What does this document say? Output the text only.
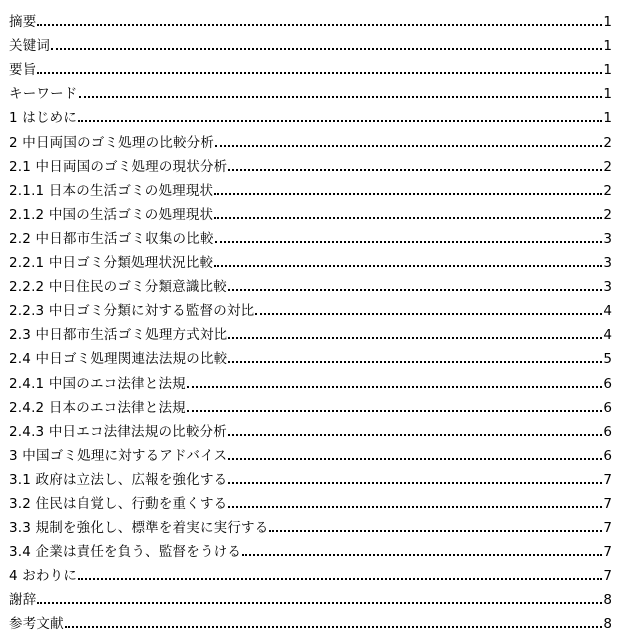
摘要	1
关键词	1
要旨	1
キーワード	1
1 はじめに	1
2 中日両国のゴミ処理の比較分析	2
2.1 中日両国のゴミ処理の現状分析	2
2.1.1 日本の生活ゴミの処理現状	2
2.1.2 中国の生活ゴミの処理現状	2
2.2 中日都市生活ゴミ収集の比較	3
2.2.1 中日ゴミ分類処理状況比較	3
2.2.2 中日住民のゴミ分類意識比較	3
2.2.3 中日ゴミ分類に対する監督の対比	4
2.3 中日都市生活ゴミ処理方式対比	4
2.4 中日ゴミ処理関連法法規の比較	5
2.4.1 中国のエコ法律と法規	6
2.4.2 日本のエコ法律と法規	6
2.4.3 中日エコ法律法規の比較分析	6
3 中国ゴミ処理に対するアドバイス	6
3.1 政府は立法し、広報を強化する	7
3.2 住民は自覚し、行動を重くする	7
3.3 規制を強化し、標準を着実に実行する	7
3.4 企業は責任を負う、監督をうける	7
4 おわりに	7
謝辞	8
参考文献	8
